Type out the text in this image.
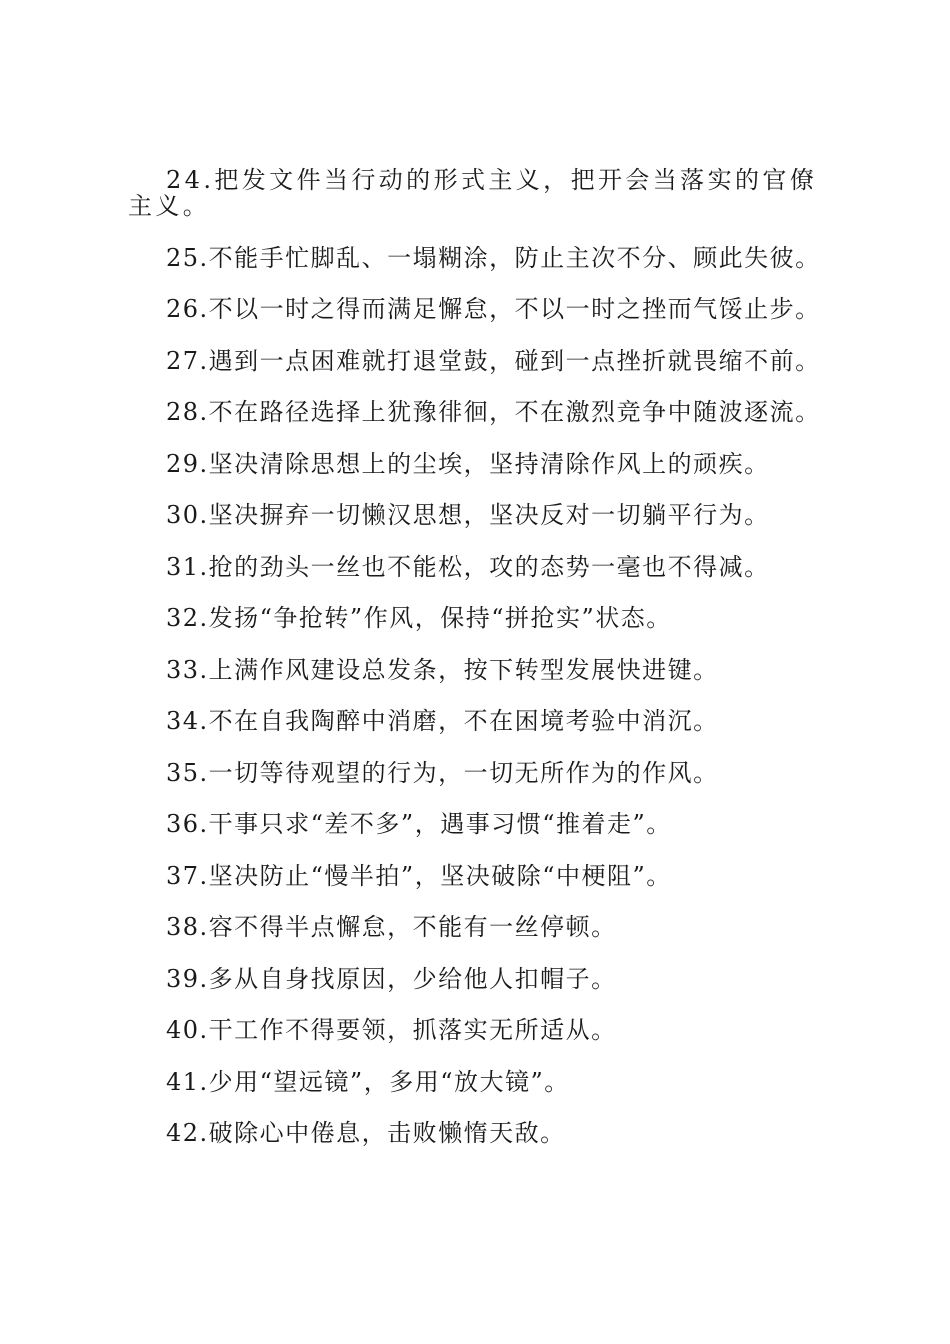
24.把发文件当行动的形式主义，把开会当落实的官僚主义。

25.不能手忙脚乱、一塌糊涂，防止主次不分、顾此失彼。

26.不以一时之得而满足懈怠，不以一时之挫而气馁止步。

27.遇到一点困难就打退堂鼓，碰到一点挫折就畏缩不前。

28.不在路径选择上犹豫徘徊，不在激烈竞争中随波逐流。

29.坚决清除思想上的尘埃，坚持清除作风上的顽疾。

30.坚决摒弃一切懒汉思想，坚决反对一切躺平行为。

31.抢的劲头一丝也不能松，攻的态势一毫也不得减。

32.发扬“争抢转”作风，保持“拼抢实”状态。

33.上满作风建设总发条，按下转型发展快进键。

34.不在自我陶醉中消磨，不在困境考验中消沉。

35.一切等待观望的行为，一切无所作为的作风。

36.干事只求“差不多”，遇事习惯“推着走”。

37.坚决防止“慢半拍”，坚决破除“中梗阻”。

38.容不得半点懈怠，不能有一丝停顿。

39.多从自身找原因，少给他人扣帽子。

40.干工作不得要领，抓落实无所适从。

41.少用“望远镜”，多用“放大镜”。

42.破除心中倦息，击败懒惰天敌。
